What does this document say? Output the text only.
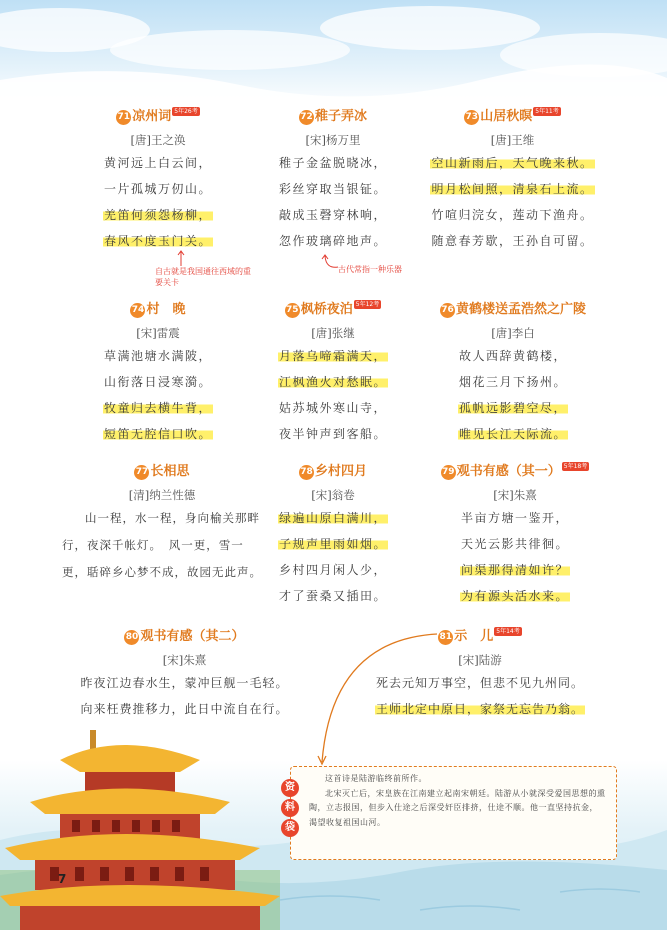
71 凉州词 5年26考
[唐]王之涣
黄河远上白云间，
一片孤城万仞山。
羌笛何须怨杨柳，
春风不度玉门关。
自古就是我国通往西域的重要关卡
72 稚子弄冰
[宋]杨万里
稚子金盆脱晓冰，
彩丝穿取当银钲。
敲成玉磬穿林响，
忽作玻璃碎地声。
古代常指一种乐器
73 山居秋暝 5年11考
[唐]王维
空山新雨后，天气晚来秋。
明月松间照，清泉石上流。
竹喧归浣女，莲动下渔舟。
随意春芳歇，王孙自可留。
74 村　晚
[宋]雷震
草满池塘水满陂，
山衔落日浸寒漪。
牧童归去横牛背，
短笛无腔信口吹。
75 枫桥夜泊 5年12考
[唐]张继
月落乌啼霜满天，
江枫渔火对愁眠。
姑苏城外寒山寺，
夜半钟声到客船。
76 黄鹤楼送孟浩然之广陵
[唐]李白
故人西辞黄鹤楼，
烟花三月下扬州。
孤帆远影碧空尽，
唯见长江天际流。
77 长相思
[清]纳兰性德
山一程，水一程，身向榆关那畔行，夜深千帐灯。　风一更，雪一更，聒碎乡心梦不成，故园无此声。
78 乡村四月
[宋]翁卷
绿遍山原白满川，
子规声里雨如烟。
乡村四月闲人少，
才了蚕桑又插田。
79 观书有感（其一） 5年18考
[宋]朱熹
半亩方塘一鉴开，
天光云影共徘徊。
问渠那得清如许？
为有源头活水来。
80 观书有感（其二）
[宋]朱熹
昨夜江边春水生，蒙冲巨舰一毛轻。
向来枉费推移力，此日中流自在行。
81 示　儿 5年14考
[宋]陆游
死去元知万事空，但悲不见九州同。
王师北定中原日，家祭无忘告乃翁。
资
料
袋

这首诗是陆游临终前所作。

北宋灭亡后，宋皇族在江南建立起南宋朝廷。陆游从小就深受爱国思想的熏陶，立志报国，但步入仕途之后深受奸臣排挤，仕途不顺。他一直坚持抗金，渴望收复祖国山河。

7
